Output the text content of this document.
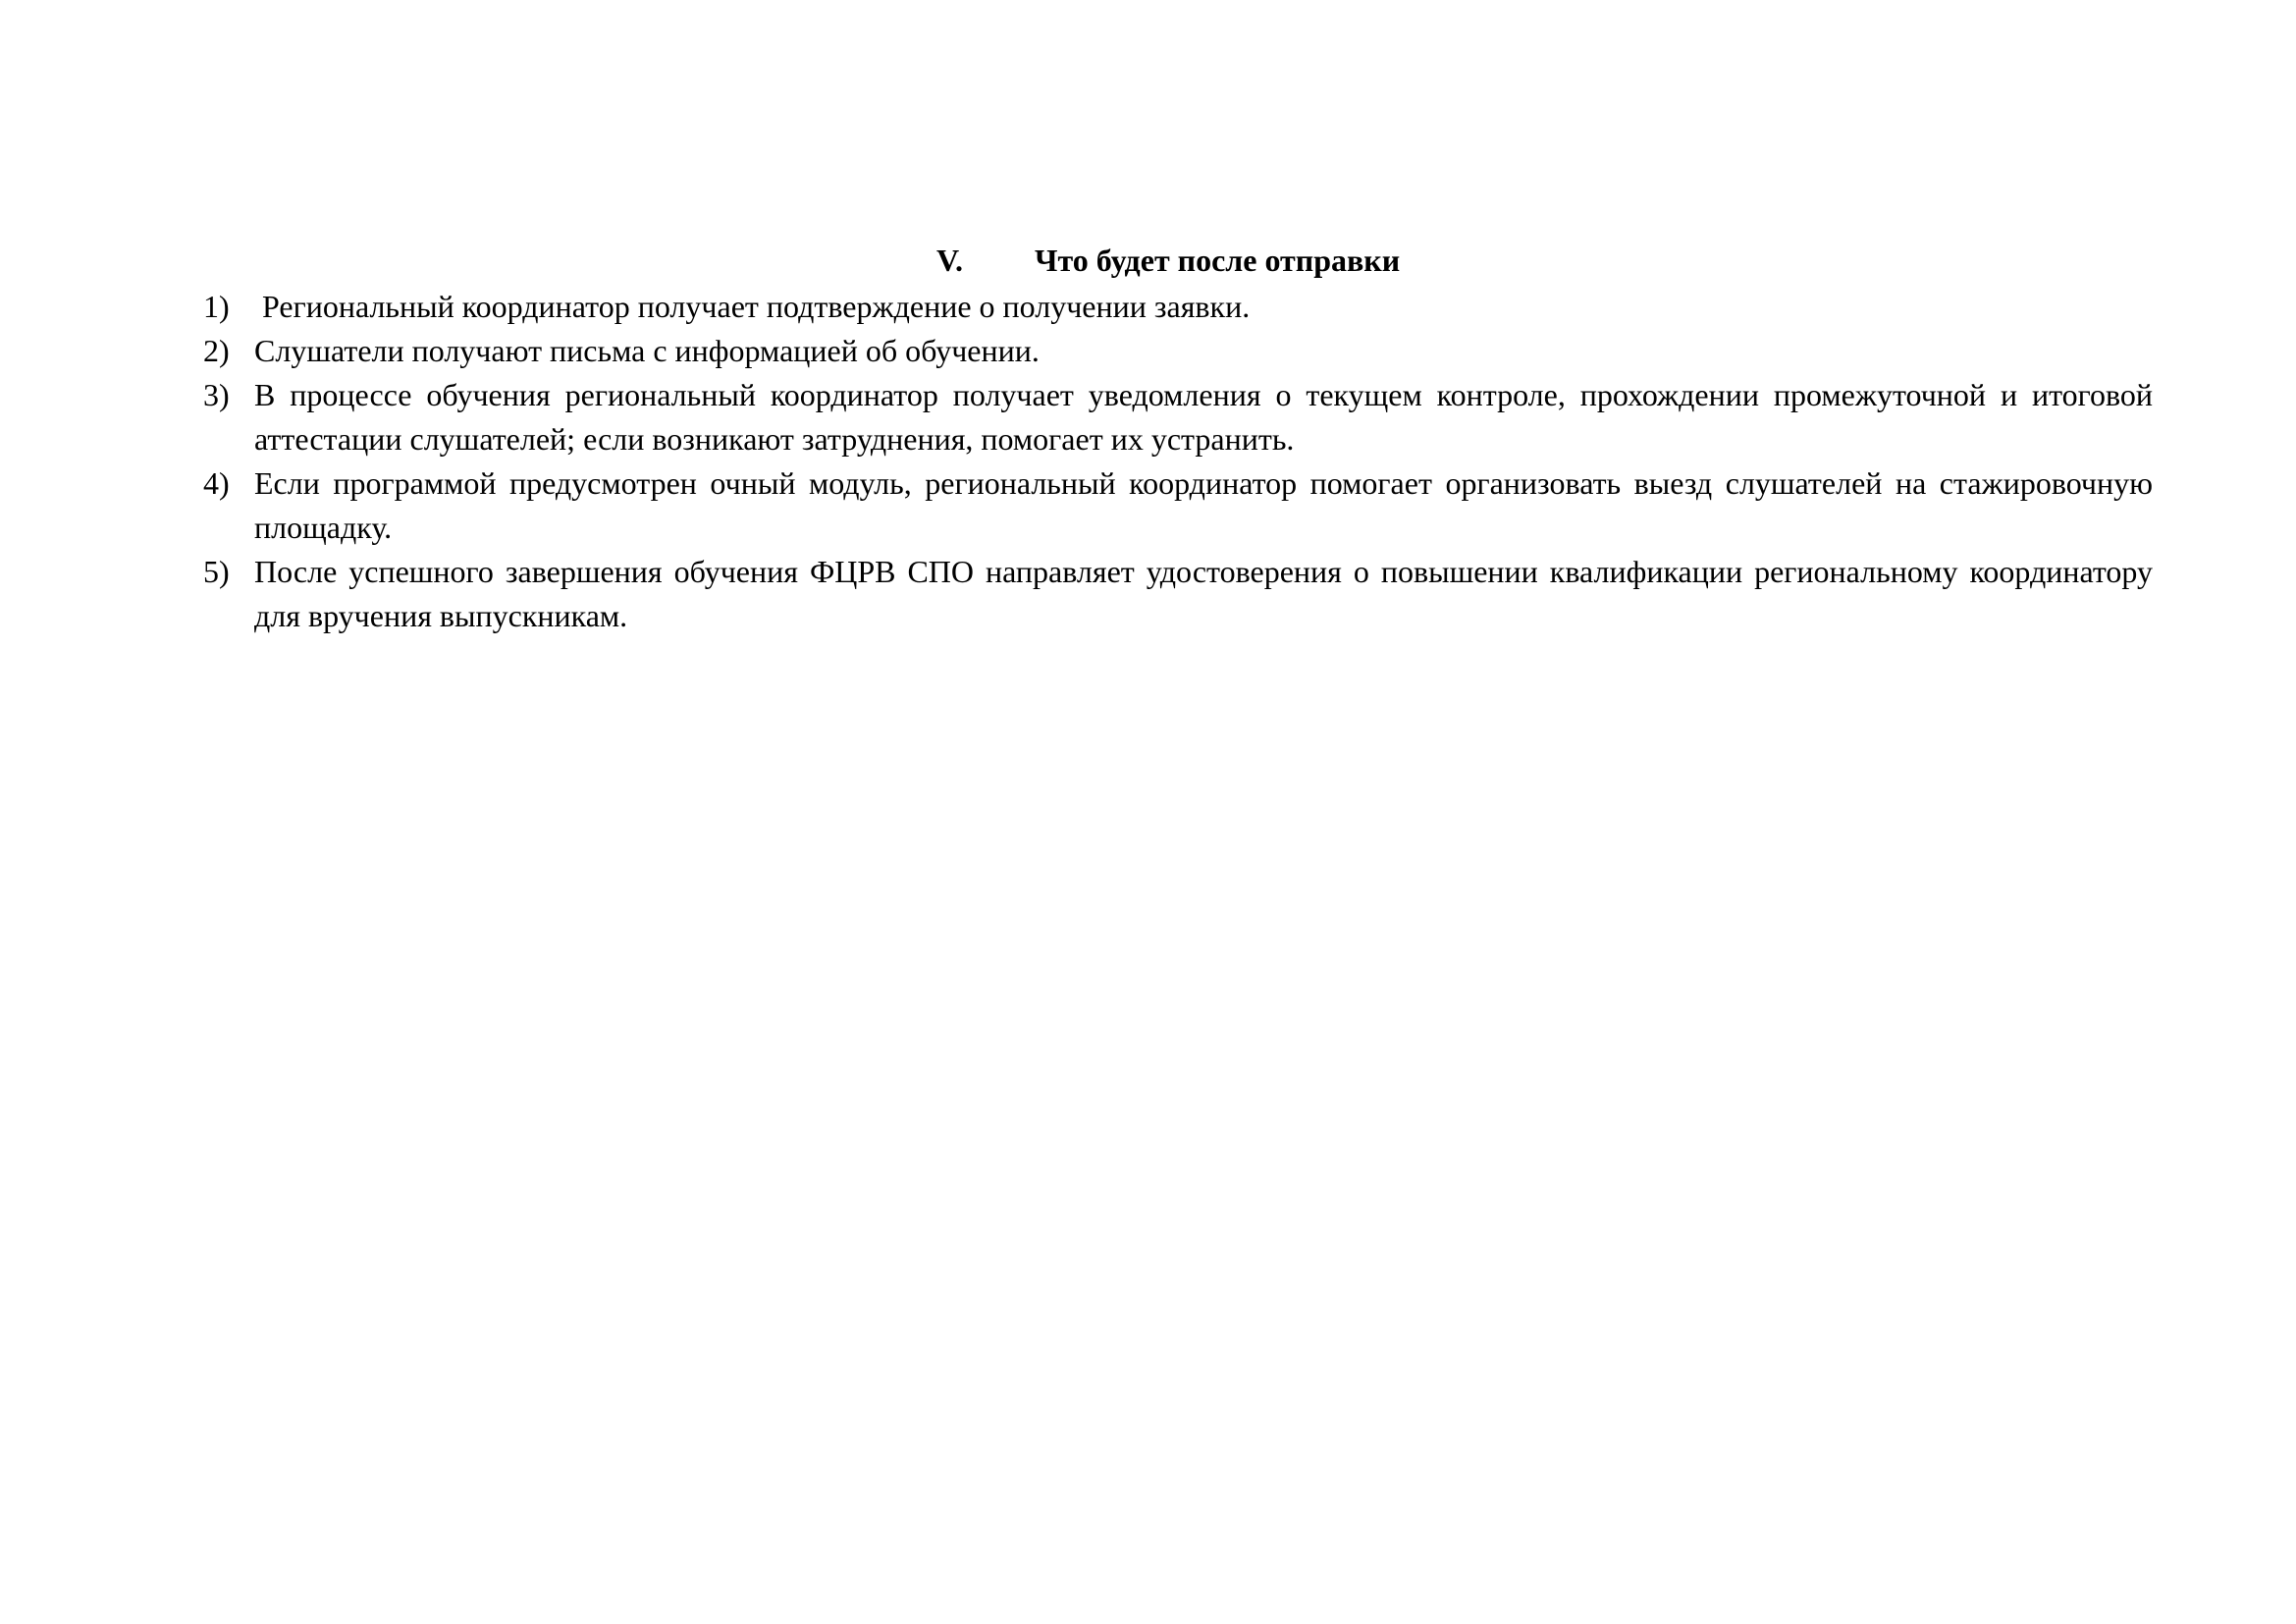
V. Что будет после отправки
1)	Региональный координатор получает подтверждение о получении заявки.
2) Слушатели получают письма с информацией об обучении.
3) В процессе обучения региональный координатор получает уведомления о текущем контроле, прохождении промежуточной и итоговой аттестации слушателей; если возникают затруднения, помогает их устранить.
4) Если программой предусмотрен очный модуль, региональный координатор помогает организовать выезд слушателей на стажировочную площадку.
5) После успешного завершения обучения ФЦРВ СПО направляет удостоверения о повышении квалификации региональному координатору для вручения выпускникам.
